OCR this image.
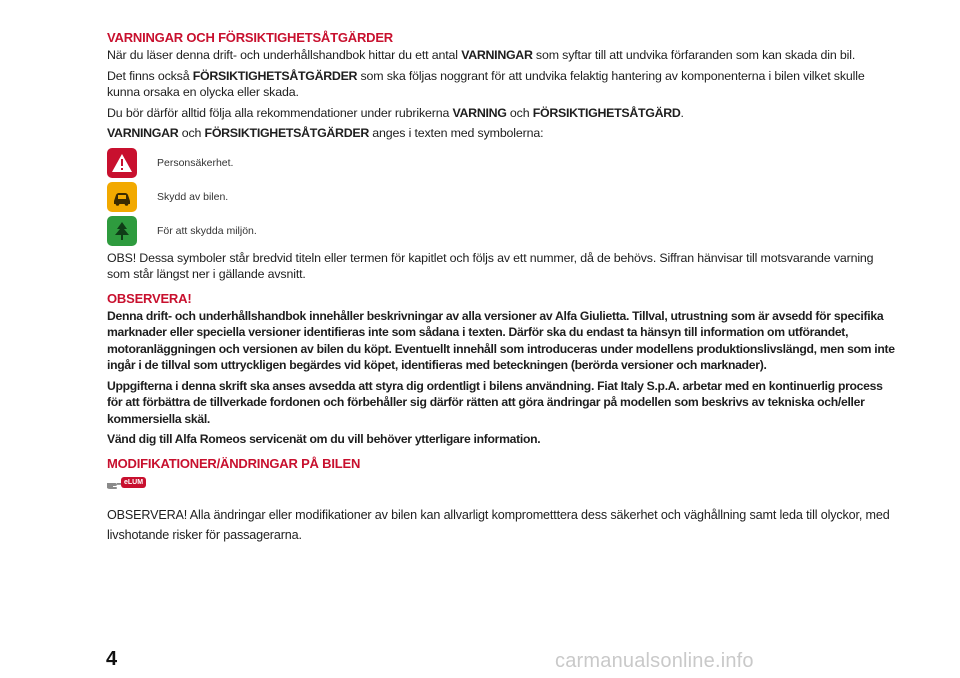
VARNINGAR OCH FÖRSIKTIGHETSÅTGÄRDER

När du läser denna drift- och underhållshandbok hittar du ett antal VARNINGAR som syftar till att undvika förfaranden som kan skada din bil.

Det finns också FÖRSIKTIGHETSÅTGÄRDER som ska följas noggrant för att undvika felaktig hantering av komponenterna i bilen vilket skulle kunna orsaka en olycka eller skada.

Du bör därför alltid följa alla rekommendationer under rubrikerna VARNING och FÖRSIKTIGHETSÅTGÄRD.

VARNINGAR och FÖRSIKTIGHETSÅTGÄRDER anges i texten med symbolerna:

Personsäkerhet.
Skydd av bilen.
För att skydda miljön.

OBS! Dessa symboler står bredvid titeln eller termen för kapitlet och följs av ett nummer, då de behövs. Siffran hänvisar till motsvarande varning som står längst ner i gällande avsnitt.

OBSERVERA!

Denna drift- och underhållshandbok innehåller beskrivningar av alla versioner av Alfa Giulietta. Tillval, utrustning som är avsedd för specifika marknader eller speciella versioner identifieras inte som sådana i texten. Därför ska du endast ta hänsyn till information om utförandet, motoranläggningen och versionen av bilen du köpt. Eventuellt innehåll som introduceras under modellens produktionslivslängd, men som inte ingår i de tillval som uttryckligen begärdes vid köpet, identifieras med beteckningen (berörda versioner och marknader).

Uppgifterna i denna skrift ska anses avsedda att styra dig ordentligt i bilens användning. Fiat Italy S.p.A. arbetar med en kontinuerlig process för att förbättra de tillverkade fordonen och förbehåller sig därför rätten att göra ändringar på modellen som beskrivs av tekniska och/eller kommersiella skäl.

Vänd dig till Alfa Romeos servicenät om du vill behöver ytterligare information.

MODIFIKATIONER/ÄNDRINGAR PÅ BILEN
eLUM

OBSERVERA! Alla ändringar eller modifikationer av bilen kan allvarligt komprometttera dess säkerhet och väghållning samt leda till olyckor, med livshotande risker för passagerarna.

4	carmanualsonline.info
